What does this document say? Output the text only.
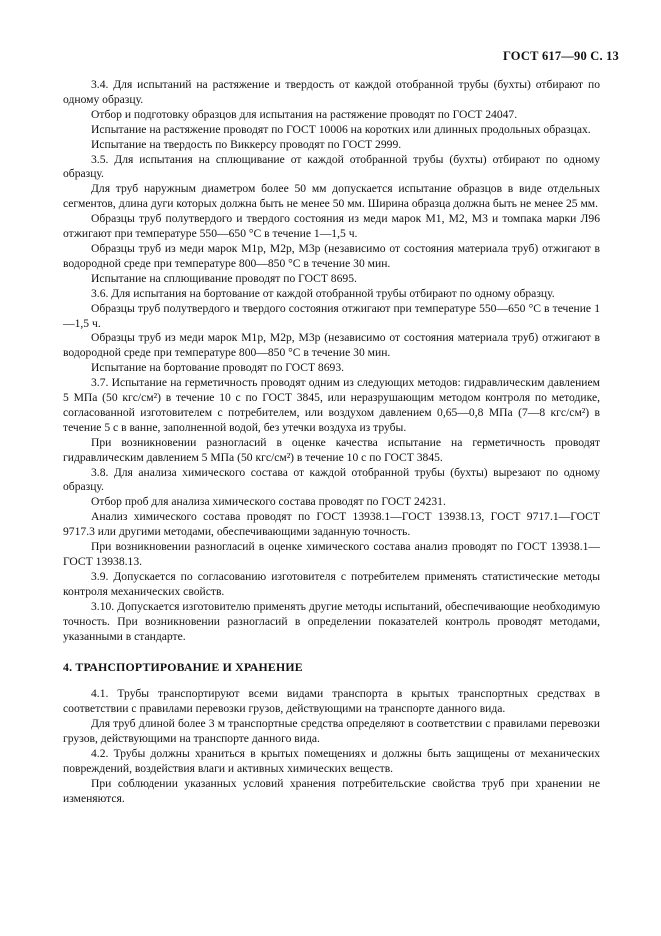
ГОСТ 617—90 С. 13

3.4. Для испытаний на растяжение и твердость от каждой отобранной трубы (бухты) отбирают по одному образцу.

Отбор и подготовку образцов для испытания на растяжение проводят по ГОСТ 24047.

Испытание на растяжение проводят по ГОСТ 10006 на коротких или длинных продольных образцах.

Испытание на твердость по Виккерсу проводят по ГОСТ 2999.

3.5. Для испытания на сплющивание от каждой отобранной трубы (бухты) отбирают по одному образцу.

Для труб наружным диаметром более 50 мм допускается испытание образцов в виде отдельных сегментов, длина дуги которых должна быть не менее 50 мм. Ширина образца должна быть не менее 25 мм.

Образцы труб полутвердого и твердого состояния из меди марок М1, М2, М3 и томпака марки Л96 отжигают при температуре 550—650 °С в течение 1—1,5 ч.

Образцы труб из меди марок М1р, М2р, М3р (независимо от состояния материала труб) отжигают в водородной среде при температуре 800—850 °С в течение 30 мин.

Испытание на сплющивание проводят по ГОСТ 8695.

3.6. Для испытания на бортование от каждой отобранной трубы отбирают по одному образцу.

Образцы труб полутвердого и твердого состояния отжигают при температуре 550—650 °С в течение 1—1,5 ч.

Образцы труб из меди марок М1р, М2р, М3р (независимо от состояния материала труб) отжигают в водородной среде при температуре 800—850 °С в течение 30 мин.

Испытание на бортование проводят по ГОСТ 8693.

3.7. Испытание на герметичность проводят одним из следующих методов: гидравлическим давлением 5 МПа (50 кгс/см²) в течение 10 с по ГОСТ 3845, или неразрушающим методом контроля по методике, согласованной изготовителем с потребителем, или воздухом давлением 0,65—0,8 МПа (7—8 кгс/см²) в течение 5 с в ванне, заполненной водой, без утечки воздуха из трубы.

При возникновении разногласий в оценке качества испытание на герметичность проводят гидравлическим давлением 5 МПа (50 кгс/см²) в течение 10 с по ГОСТ 3845.

3.8. Для анализа химического состава от каждой отобранной трубы (бухты) вырезают по одному образцу.

Отбор проб для анализа химического состава проводят по ГОСТ 24231.

Анализ химического состава проводят по ГОСТ 13938.1—ГОСТ 13938.13, ГОСТ 9717.1—ГОСТ 9717.3 или другими методами, обеспечивающими заданную точность.

При возникновении разногласий в оценке химического состава анализ проводят по ГОСТ 13938.1—ГОСТ 13938.13.

3.9. Допускается по согласованию изготовителя с потребителем применять статистические методы контроля механических свойств.

3.10. Допускается изготовителю применять другие методы испытаний, обеспечивающие необходимую точность. При возникновении разногласий в определении показателей контроль проводят методами, указанными в стандарте.

4. ТРАНСПОРТИРОВАНИЕ И ХРАНЕНИЕ

4.1. Трубы транспортируют всеми видами транспорта в крытых транспортных средствах в соответствии с правилами перевозки грузов, действующими на транспорте данного вида.

Для труб длиной более 3 м транспортные средства определяют в соответствии с правилами перевозки грузов, действующими на транспорте данного вида.

4.2. Трубы должны храниться в крытых помещениях и должны быть защищены от механических повреждений, воздействия влаги и активных химических веществ.

При соблюдении указанных условий хранения потребительские свойства труб при хранении не изменяются.
